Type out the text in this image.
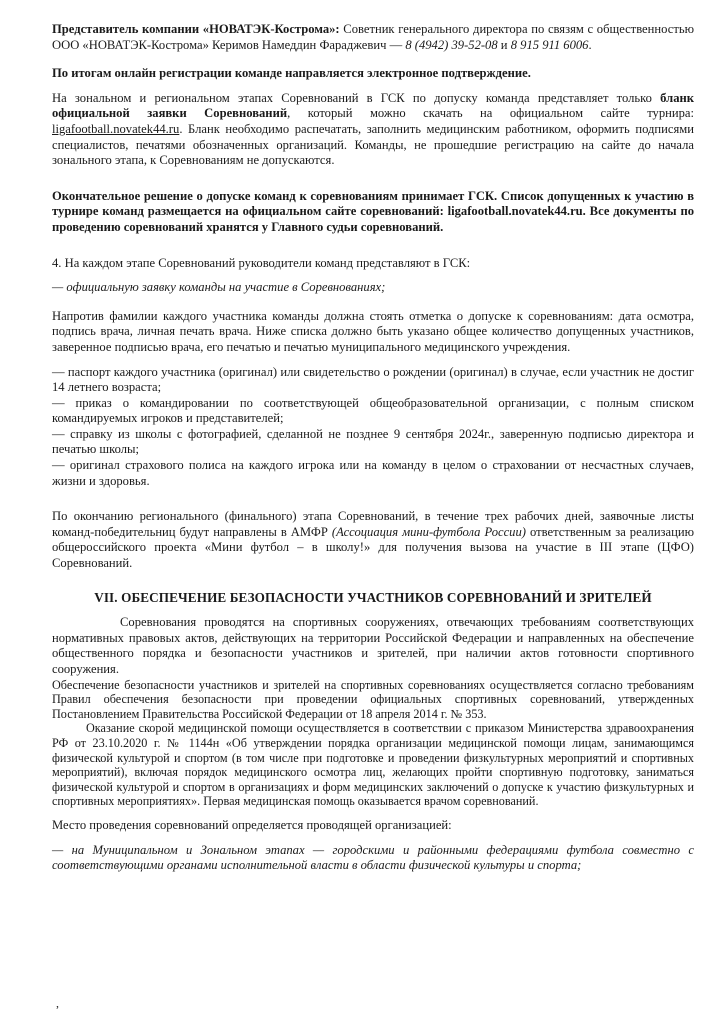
Представитель компании «НОВАТЭК-Кострома»: Советник генерального директора по связям с общественностью ООО «НОВАТЭК-Кострома» Керимов Намеддин Фараджевич — 8 (4942) 39-52-08 и 8 915 911 6006.

По итогам онлайн регистрации команде направляется электронное подтверждение.

На зональном и региональном этапах Соревнований в ГСК по допуску команда представляет только бланк официальной заявки Соревнований, который можно скачать на официальном сайте турнира: ligafootball.novatek44.ru. Бланк необходимо распечатать, заполнить медицинским работником, оформить подписями специалистов, печатями обозначенных организаций. Команды, не прошедшие регистрацию на сайте до начала зонального этапа, к Соревнованиям не допускаются.

Окончательное решение о допуске команд к соревнованиям принимает ГСК. Список допущенных к участию в турнире команд размещается на официальном сайте соревнований: ligafootball.novatek44.ru. Все документы по проведению соревнований хранятся у Главного судьи соревнований.

4. На каждом этапе Соревнований руководители команд представляют в ГСК:

— официальную заявку команды на участие в Соревнованиях;

Напротив фамилии каждого участника команды должна стоять отметка о допуске к соревнованиям: дата осмотра, подпись врача, личная печать врача. Ниже списка должно быть указано общее количество допущенных участников, заверенное подписью врача, его печатью и печатью муниципального медицинского учреждения.

— паспорт каждого участника (оригинал) или свидетельство о рождении (оригинал) в случае, если участник не достиг 14 летнего возраста;

— приказ о командировании по соответствующей общеобразовательной организации, с полным списком командируемых игроков и представителей;

— справку из школы с фотографией, сделанной не позднее 9 сентября 2024г., заверенную подписью директора и печатью школы;

— оригинал страхового полиса на каждого игрока или на команду в целом о страховании от несчастных случаев, жизни и здоровья.

По окончанию регионального (финального) этапа Соревнований, в течение трех рабочих дней, заявочные листы команд-победительниц будут направлены в АМФР (Ассоциация мини-футбола России) ответственным за реализацию общероссийского проекта «Мини футбол – в школу!» для получения вызова на участие в III этапе (ЦФО) Соревнований.

VII. ОБЕСПЕЧЕНИЕ БЕЗОПАСНОСТИ УЧАСТНИКОВ СОРЕВНОВАНИЙ И ЗРИТЕЛЕЙ

Соревнования проводятся на спортивных сооружениях, отвечающих требованиям соответствующих нормативных правовых актов, действующих на территории Российской Федерации и направленных на обеспечение общественного порядка и безопасности участников и зрителей, при наличии актов готовности спортивного сооружения.

Обеспечение безопасности участников и зрителей на спортивных соревнованиях осуществляется согласно требованиям Правил обеспечения безопасности при проведении официальных спортивных соревнований, утвержденных Постановлением Правительства Российской Федерации от 18 апреля 2014 г. № 353.

Оказание скорой медицинской помощи осуществляется в соответствии с приказом Министерства здравоохранения РФ от 23.10.2020 г. № 1144н «Об утверждении порядка организации медицинской помощи лицам, занимающимся физической культурой и спортом (в том числе при подготовке и проведении физкультурных мероприятий и спортивных мероприятий), включая порядок медицинского осмотра лиц, желающих пройти спортивную подготовку, заниматься физической культурой и спортом в организациях и форм медицинских заключений о допуске к участию физкультурных и спортивных мероприятиях». Первая медицинская помощь оказывается врачом соревнований.

Место проведения соревнований определяется проводящей организацией:

— на Муниципальном и Зональном этапах — городскими и районными федерациями футбола совместно с соответствующими органами исполнительной власти в области физической культуры и спорта;

,
